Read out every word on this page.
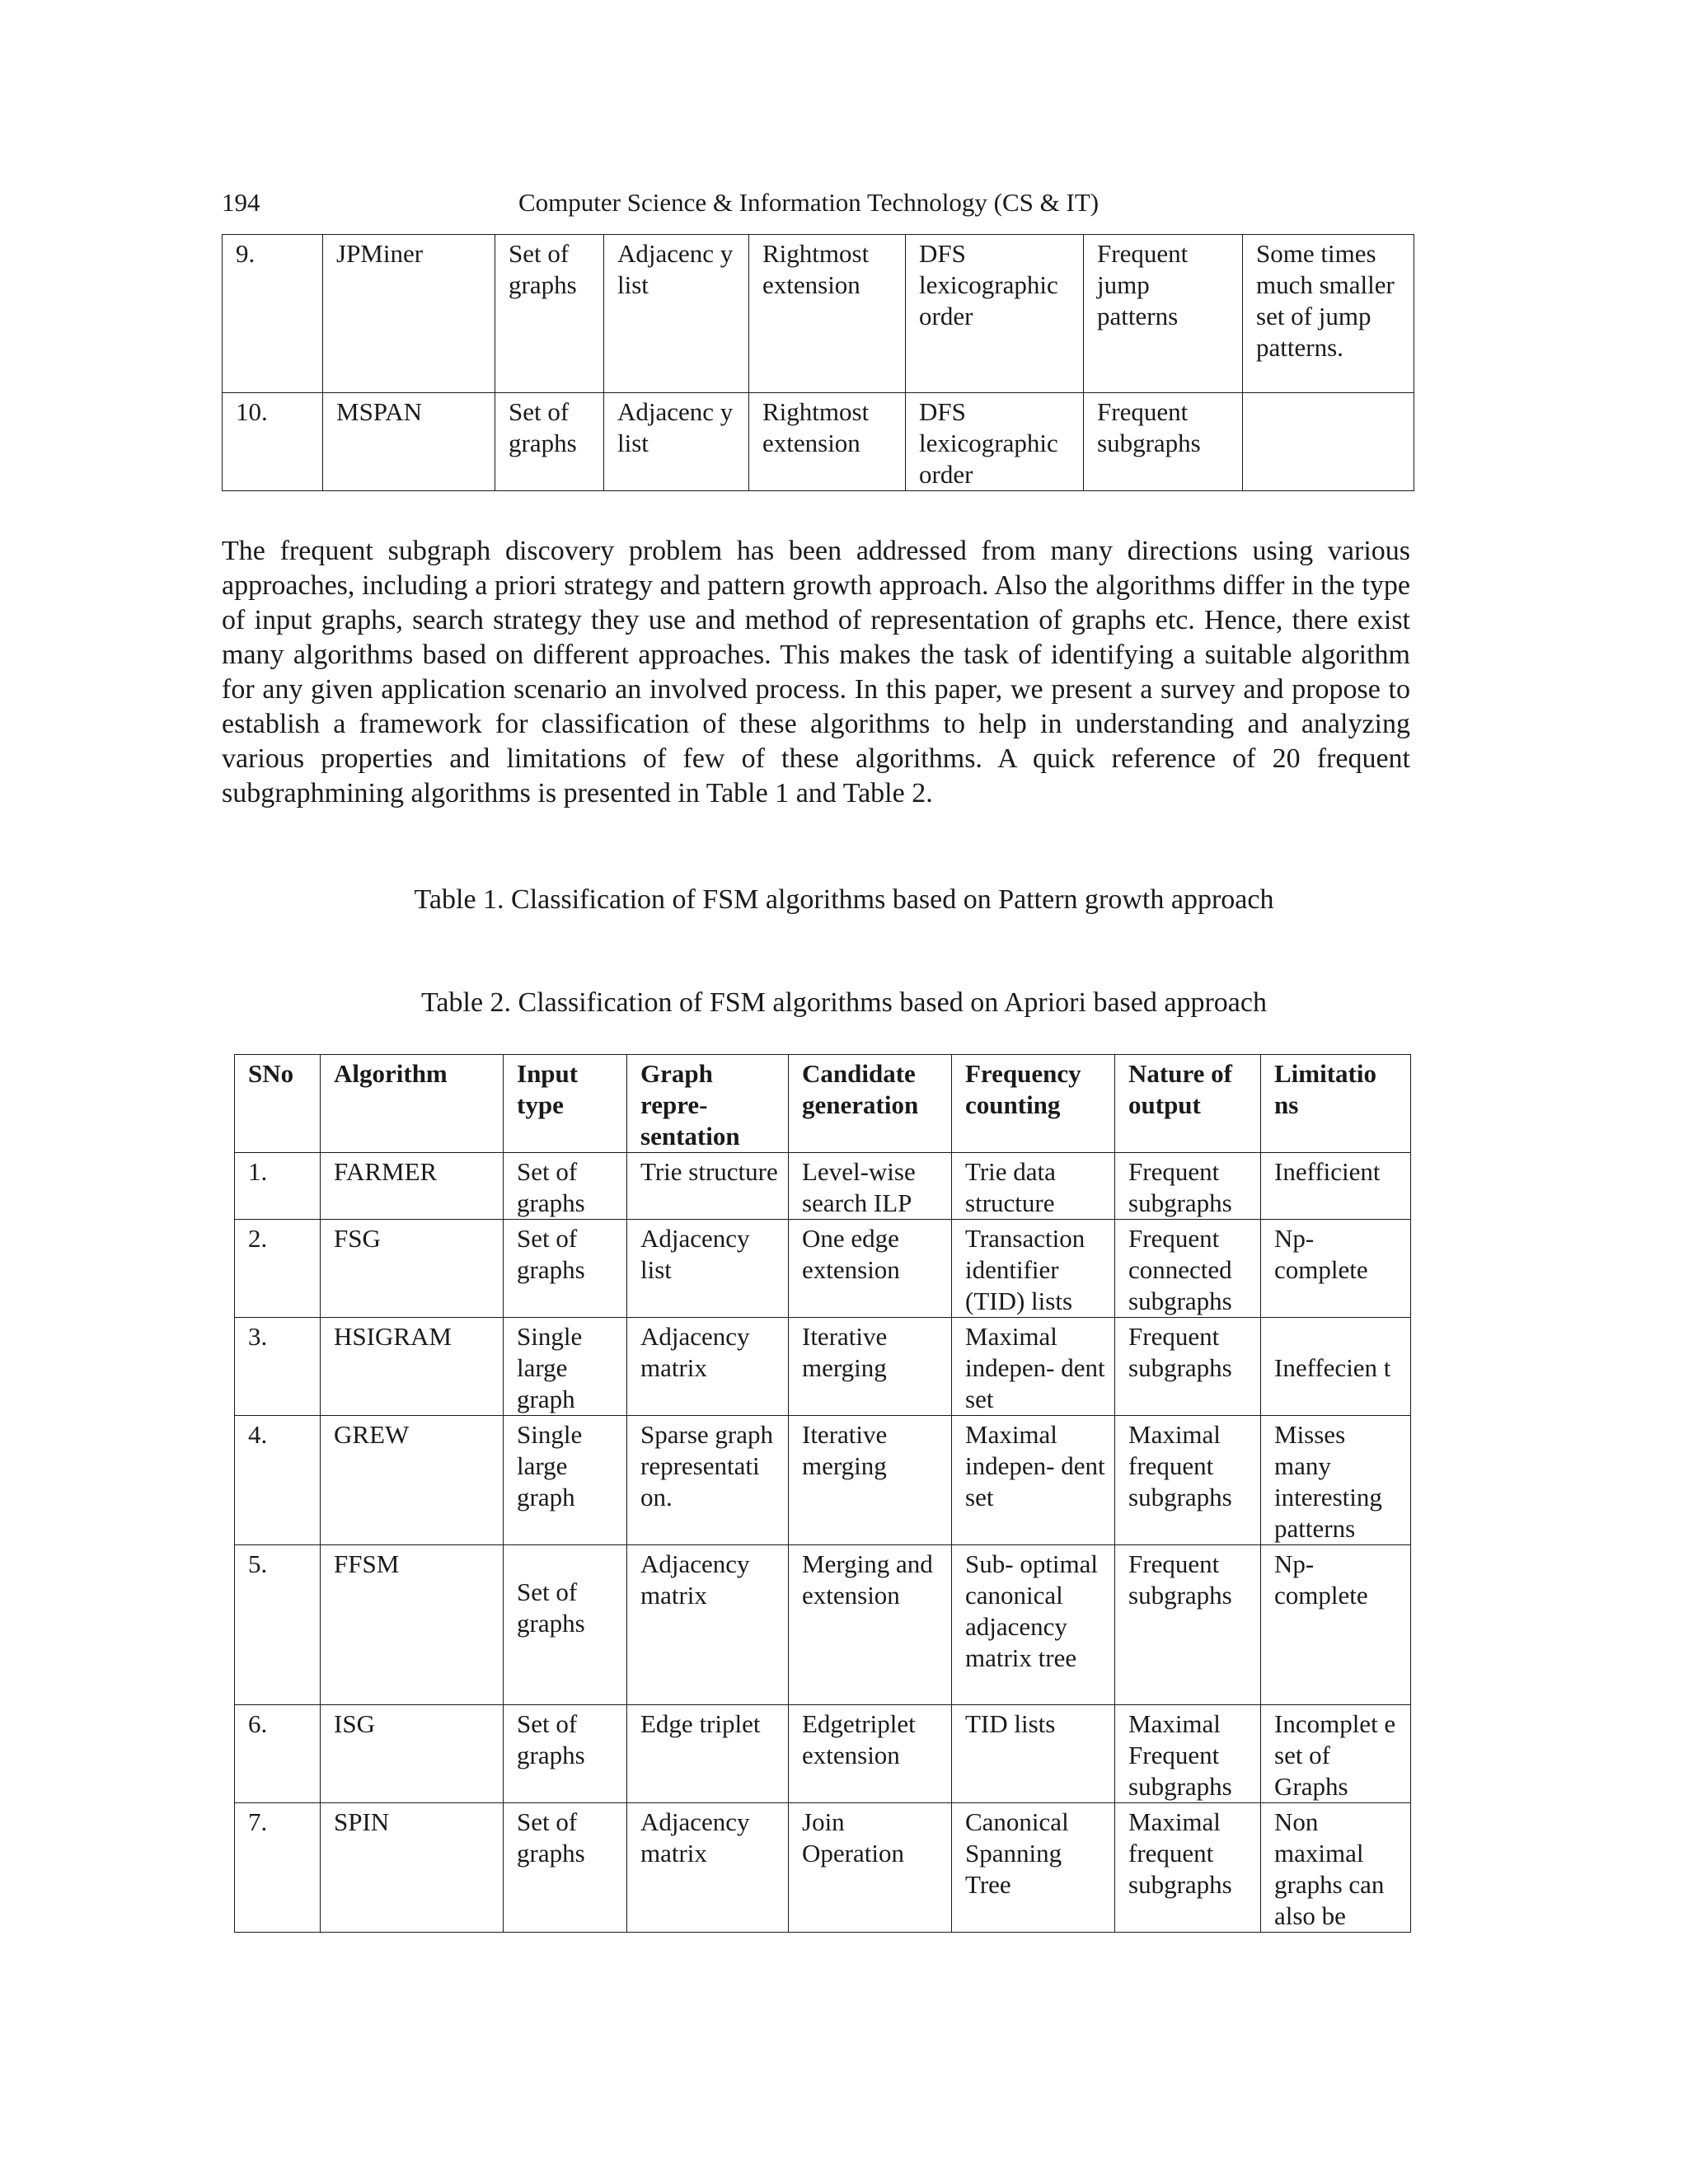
194	Computer Science & Information Technology (CS & IT)
9.	JPMiner	Set of graphs	Adjacenc y list	Rightmost extension	DFS lexicographic order	Frequent jump patterns	Some times much smaller set of jump patterns.
10.	MSPAN	Set of graphs	Adjacenc y list	Rightmost extension	DFS lexicographic order	Frequent subgraphs	

The frequent subgraph discovery problem has been addressed from many directions using various approaches, including a priori strategy and pattern growth approach. Also the algorithms differ in the type of input graphs, search strategy they use and method of representation of graphs etc. Hence, there exist many algorithms based on different approaches. This makes the task of identifying a suitable algorithm for any given application scenario an involved process. In this paper, we present a survey and propose to establish a framework for classification of these algorithms to help in understanding and analyzing various properties and limitations of few of these algorithms. A quick reference of 20 frequent subgraphmining algorithms is presented in Table 1 and Table 2.

Table 1. Classification of FSM algorithms based on Pattern growth approach

Table 2. Classification of FSM algorithms based on Apriori based approach

SNo	Algorithm	Input type	Graph repre- sentation	Candidate generation	Frequency counting	Nature of output	Limitatio ns
1.	FARMER	Set of graphs	Trie structure	Level-wise search ILP	Trie data structure	Frequent subgraphs	Inefficient
2.	FSG	Set of graphs	Adjacency list	One edge extension	Transaction identifier (TID) lists	Frequent connected subgraphs	Np- complete
3.	HSIGRAM	Single large graph	Adjacency matrix	Iterative merging	Maximal indepen- dent set	Frequent subgraphs	Ineffecien t
4.	GREW	Single large graph	Sparse graph representati on.	Iterative merging	Maximal indepen- dent set	Maximal frequent subgraphs	Misses many interesting patterns
5.	FFSM	Set of graphs	Adjacency matrix	Merging and extension	Sub- optimal canonical adjacency matrix tree	Frequent subgraphs	Np- complete
6.	ISG	Set of graphs	Edge triplet	Edgetriplet extension	TID lists	Maximal Frequent subgraphs	Incomplet e set of Graphs
7.	SPIN	Set of graphs	Adjacency matrix	Join Operation	Canonical Spanning Tree	Maximal frequent subgraphs	Non maximal graphs can also be
